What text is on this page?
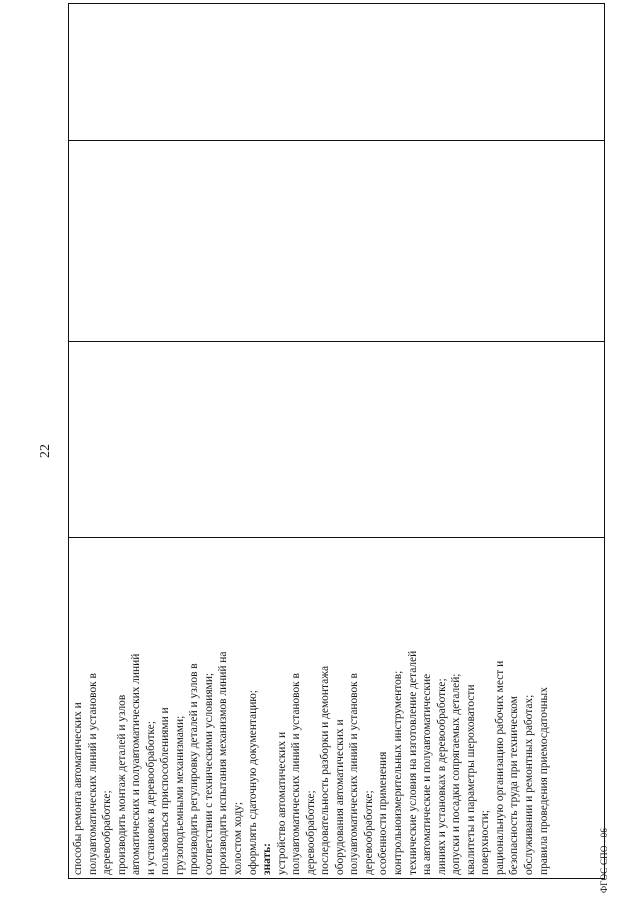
22
способы ремонта автоматических и полуавтоматических линий и установок в деревообработке; производить монтаж деталей и узлов автоматических и полуавтоматических линий и установок в деревообработке; пользоваться приспособлениями и грузоподъемными механизмами; производить регулировку деталей и узлов в соответствии с техническими условиями; производить испытания механизмов линий на холостом ходу; оформлять сдаточную документацию; знать: устройство автоматических и полуавтоматических линий и установок в деревообработке; последовательность разборки и демонтажа оборудования автоматических и полуавтоматических линий и установок в деревообработке; особенности применения контрольноизмерительных инструментов; технические условия на изготовление деталей на автоматические и полуавтоматические линиях и установках в деревообработке; допуски и посадки сопрягаемых деталей; квалитеты и параметры шероховатости поверхности; рациональную организацию рабочих мест и безопасность труда при техническом обслуживании и ремонтных работах; правила проведения приемосдаточных	ФГОС СПО - 06
